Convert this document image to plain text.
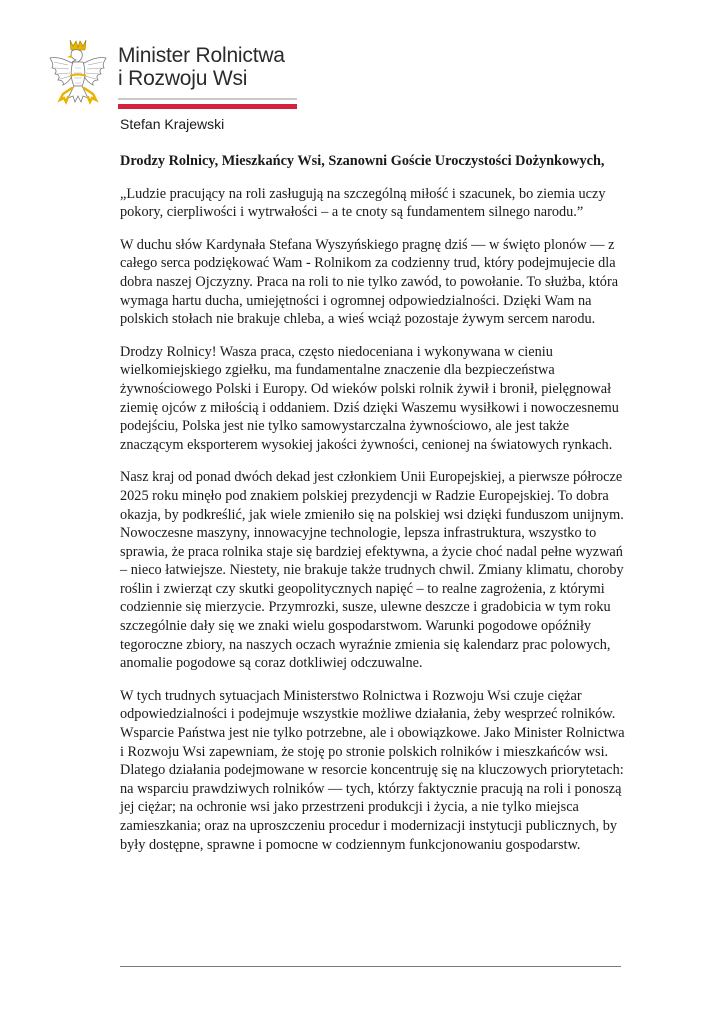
Minister Rolnictwa
i Rozwoju Wsi
Stefan Krajewski

Drodzy Rolnicy, Mieszkańcy Wsi, Szanowni Goście Uroczystości Dożynkowych,

„Ludzie pracujący na roli zasługują na szczególną miłość i szacunek, bo ziemia uczy pokory, cierpliwości i wytrwałości – a te cnoty są fundamentem silnego narodu.”

W duchu słów Kardynała Stefana Wyszyńskiego pragnę dziś — w święto plonów — z całego serca podziękować Wam - Rolnikom za codzienny trud, który podejmujecie dla dobra naszej Ojczyzny. Praca na roli to nie tylko zawód, to powołanie. To służba, która wymaga hartu ducha, umiejętności i ogromnej odpowiedzialności. Dzięki Wam na polskich stołach nie brakuje chleba, a wieś wciąż pozostaje żywym sercem narodu.

Drodzy Rolnicy! Wasza praca, często niedoceniana i wykonywana w cieniu wielkomiejskiego zgiełku, ma fundamentalne znaczenie dla bezpieczeństwa żywnościowego Polski i Europy. Od wieków polski rolnik żywił i bronił, pielęgnował ziemię ojców z miłością i oddaniem. Dziś dzięki Waszemu wysiłkowi i nowoczesnemu podejściu, Polska jest nie tylko samowystarczalna żywnościowo, ale jest także znaczącym eksporterem wysokiej jakości żywności, cenionej na światowych rynkach.

Nasz kraj od ponad dwóch dekad jest członkiem Unii Europejskiej, a pierwsze półrocze 2025 roku minęło pod znakiem polskiej prezydencji w Radzie Europejskiej. To dobra okazja, by podkreślić, jak wiele zmieniło się na polskiej wsi dzięki funduszom unijnym. Nowoczesne maszyny, innowacyjne technologie, lepsza infrastruktura, wszystko to sprawia, że praca rolnika staje się bardziej efektywna, a życie choć nadal pełne wyzwań – nieco łatwiejsze. Niestety, nie brakuje także trudnych chwil. Zmiany klimatu, choroby roślin i zwierząt czy skutki geopolitycznych napięć – to realne zagrożenia, z którymi codziennie się mierzycie. Przymrozki, susze, ulewne deszcze i gradobicia w tym roku szczególnie dały się we znaki wielu gospodarstwom. Warunki pogodowe opóźniły tegoroczne zbiory, na naszych oczach wyraźnie zmienia się kalendarz prac polowych, anomalie pogodowe są coraz dotkliwiej odczuwalne.

W tych trudnych sytuacjach Ministerstwo Rolnictwa i Rozwoju Wsi czuje ciężar odpowiedzialności i podejmuje wszystkie możliwe działania, żeby wesprzeć rolników. Wsparcie Państwa jest nie tylko potrzebne, ale i obowiązkowe. Jako Minister Rolnictwa i Rozwoju Wsi zapewniam, że stoję po stronie polskich rolników i mieszkańców wsi. Dlatego działania podejmowane w resorcie koncentruję się na kluczowych priorytetach: na wsparciu prawdziwych rolników — tych, którzy faktycznie pracują na roli i ponoszą jej ciężar; na ochronie wsi jako przestrzeni produkcji i życia, a nie tylko miejsca zamieszkania; oraz na uproszczeniu procedur i modernizacji instytucji publicznych, by były dostępne, sprawne i pomocne w codziennym funkcjonowaniu gospodarstw.
